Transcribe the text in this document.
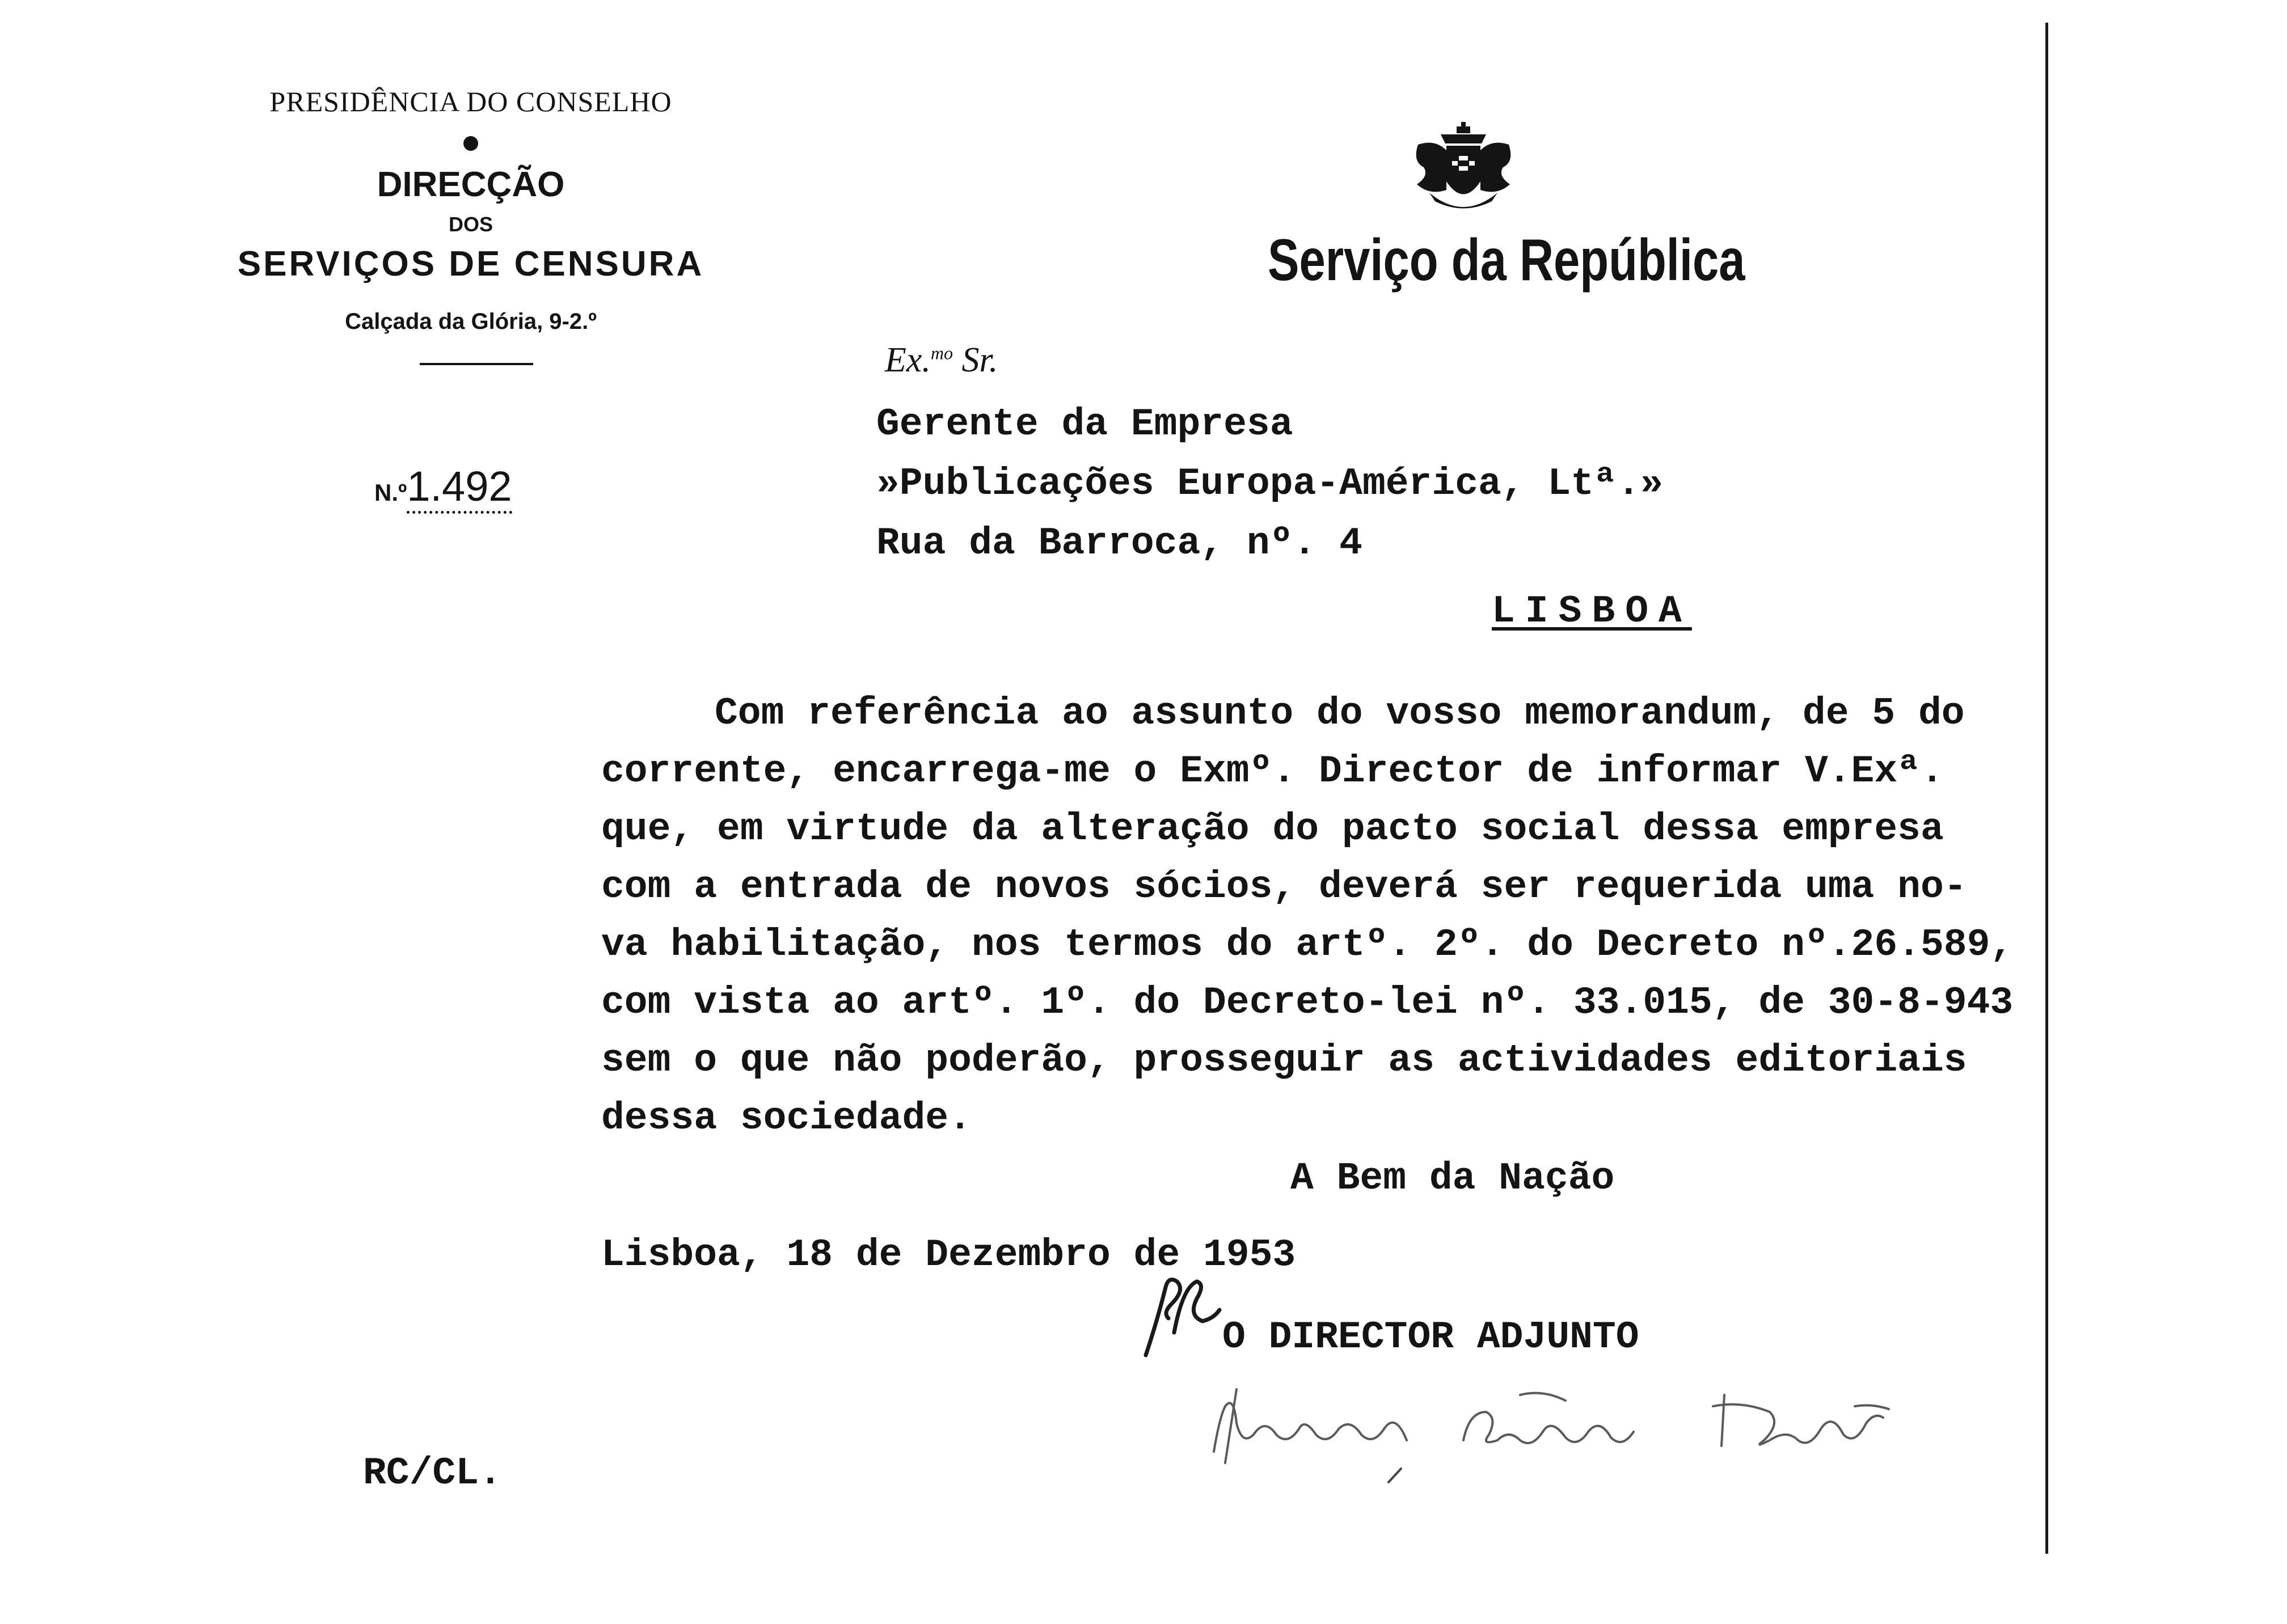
PRESIDÊNCIA DO CONSELHO
DIRECÇÃO
DOS
SERVIÇOS DE CENSURA
Calçada da Glória, 9-2.º
N.º1.492
Serviço da República
Ex.$^{mo}$ Sr.
Gerente da Empresa
»Publicações Europa-América, Ltª.»
Rua da Barroca, nº. 4
LISBOA
Com referência ao assunto do vosso memorandum, de 5 do
corrente, encarrega-me o Exmº. Director de informar V.Exª.
que, em virtude da alteração do pacto social dessa empresa
com a entrada de novos sócios, deverá ser requerida uma no-
va habilitação, nos termos do artº. 2º. do Decreto nº.26.589,
com vista ao artº. 1º. do Decreto-lei nº. 33.015, de 30-8-943
sem o que não poderão, prosseguir as actividades editoriais
dessa sociedade.
A Bem da Nação
Lisboa, 18 de Dezembro de 1953
O DIRECTOR ADJUNTO
RC/CL.
